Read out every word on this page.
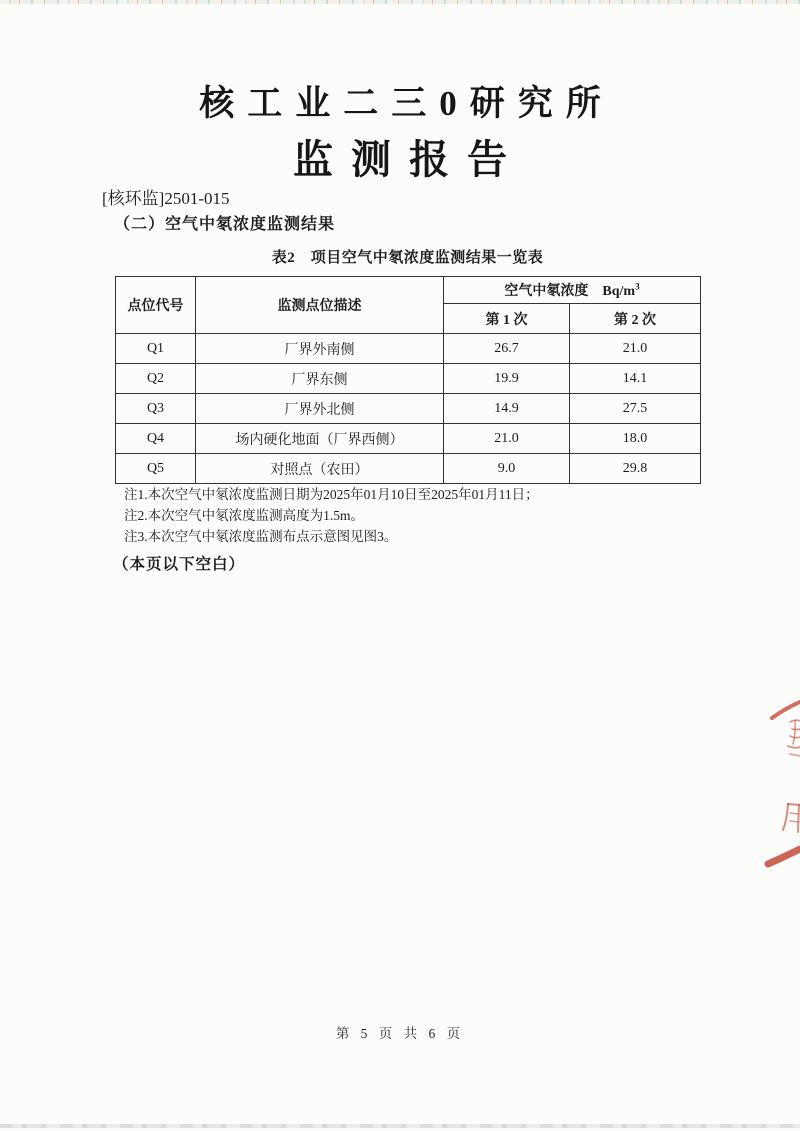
核工业二三0研究所
监测报告
[核环监]2501-015
（二）空气中氡浓度监测结果
表2　项目空气中氡浓度监测结果一览表
点位代号	监测点位描述	空气中氡浓度 $Bq/m^3$
		第 1 次	第 2 次
Q1	厂界外南侧	26.7	21.0
Q2	厂界东侧	19.9	14.1
Q3	厂界外北侧	14.9	27.5
Q4	场内硬化地面（厂界西侧）	21.0	18.0
Q5	对照点（农田）	9.0	29.8
注1.本次空气中氡浓度监测日期为2025年01月10日至2025年01月11日；
注2.本次空气中氡浓度监测高度为1.5m。
注3.本次空气中氡浓度监测布点示意图见图3。
（本页以下空白）
第 5 页 共 6 页
